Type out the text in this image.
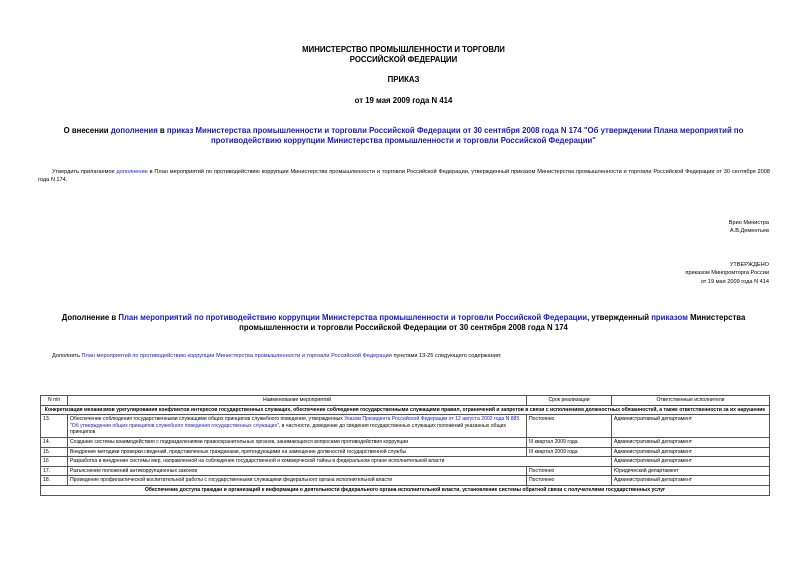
МИНИСТЕРСТВО ПРОМЫШЛЕННОСТИ И ТОРГОВЛИ
РОССИЙСКОЙ ФЕДЕРАЦИИ
ПРИКАЗ
от 19 мая 2009 года N 414
О внесении дополнения в приказ Министерства промышленности и торговли Российской Федерации от 30 сентября 2008 года N 174 "Об утверждении Плана мероприятий по противодействию коррупции Министерства промышленности и торговли Российской Федерации"
Утвердить прилагаемое дополнение в План мероприятий по противодействию коррупции Министерства промышленности и торговли Российской Федерации, утвержденный приказом Министерства промышленности и торговли Российской Федерации от 30 сентября 2008 года N 174.
Врио Министра
А.В.Дементьев
УТВЕРЖДЕНО
приказом Минпромторга России
от 19 мая 2009 года N 414
Дополнение в План мероприятий по противодействию коррупции Министерства промышленности и торговли Российской Федерации, утвержденный приказом Министерства промышленности и торговли Российской Федерации от 30 сентября 2008 года N 174
Дополнить План мероприятий по противодействию коррупции Министерства промышленности и торговли Российской Федерации пунктами 13-25 следующего содержания:
N п/п	Наименование мероприятий	Срок реализации	Ответственные исполнители
Конкретизация механизмов урегулирования конфликтов интересов государственных служащих, обеспечение соблюдения государственными служащими правил, ограничений и запретов в связи с исполнением должностных обязанностей, а также ответственности за их нарушение			
13.	Обеспечение соблюдения государственными служащими общих принципов служебного поведения, утвержденных Указом Президента Российской Федерации от 12 августа 2002 года N 885 "Об утверждении общих принципов служебного поведения государственных служащих", в частности, доведение до сведения государственных служащих положений указанных общих принципов	Постоянно	Административный департамент
14.	Создание системы взаимодействия с подразделениями правоохранительных органов, занимающихся вопросами противодействия коррупции	III квартал 2009 года	Административный департамент
15.	Внедрение методики проверки сведений, представленных гражданами, претендующими на замещение должностей государственной службы	III квартал 2009 года	Административный департамент
16	Разработка и внедрение системы мер, направленной на соблюдение государственной и коммерческой тайны в федеральном органе исполнительной власти		Административный департамент
17.	Разъяснение положений антикоррупционных законов	Постоянно	Юридический департамент
18.	Проведение профилактической воспитательной работы с государственными служащими федерального органа исполнительной власти	Постоянно	Административный департамент
Обеспечение доступа граждан и организаций к информации о деятельности федерального органа исполнительной власти, установление системы обратной связи с получателями государственных услуг			
